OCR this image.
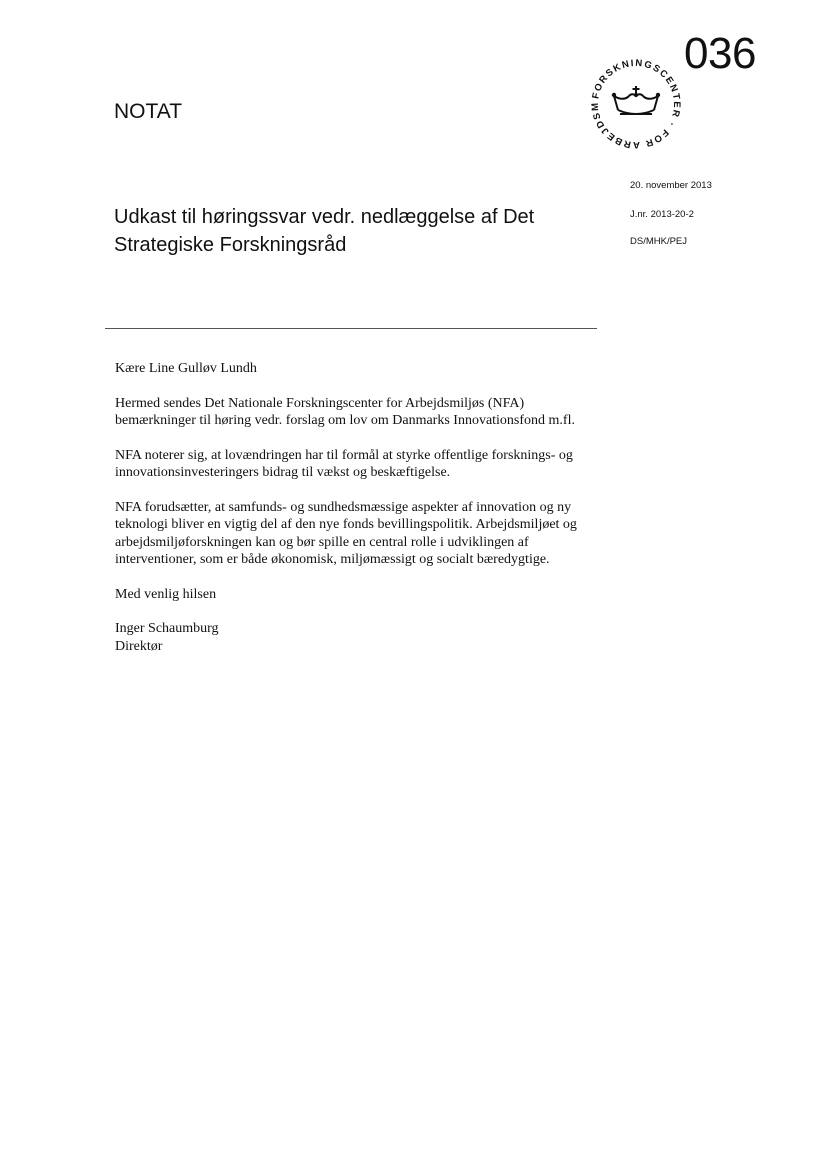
036
FORSKNINGSCENTER · FOR ARBEJDSM
NOTAT
20. november 2013
J.nr. 2013-20-2
DS/MHK/PEJ
Udkast til høringssvar vedr. nedlæggelse af Det
Strategiske Forskningsråd

Kære Line Gulløv Lundh

Hermed sendes Det Nationale Forskningscenter for Arbejdsmiljøs (NFA)
bemærkninger til høring vedr. forslag om lov om Danmarks Innovationsfond m.fl.

NFA noterer sig, at lovændringen har til formål at styrke offentlige forsknings- og
innovationsinvesteringers bidrag til vækst og beskæftigelse.

NFA forudsætter, at samfunds- og sundhedsmæssige aspekter af innovation og ny
teknologi bliver en vigtig del af den nye fonds bevillingspolitik. Arbejdsmiljøet og
arbejdsmiljøforskningen kan og bør spille en central rolle i udviklingen af
interventioner, som er både økonomisk, miljømæssigt og socialt bæredygtige.

Med venlig hilsen

Inger Schaumburg
Direktør
